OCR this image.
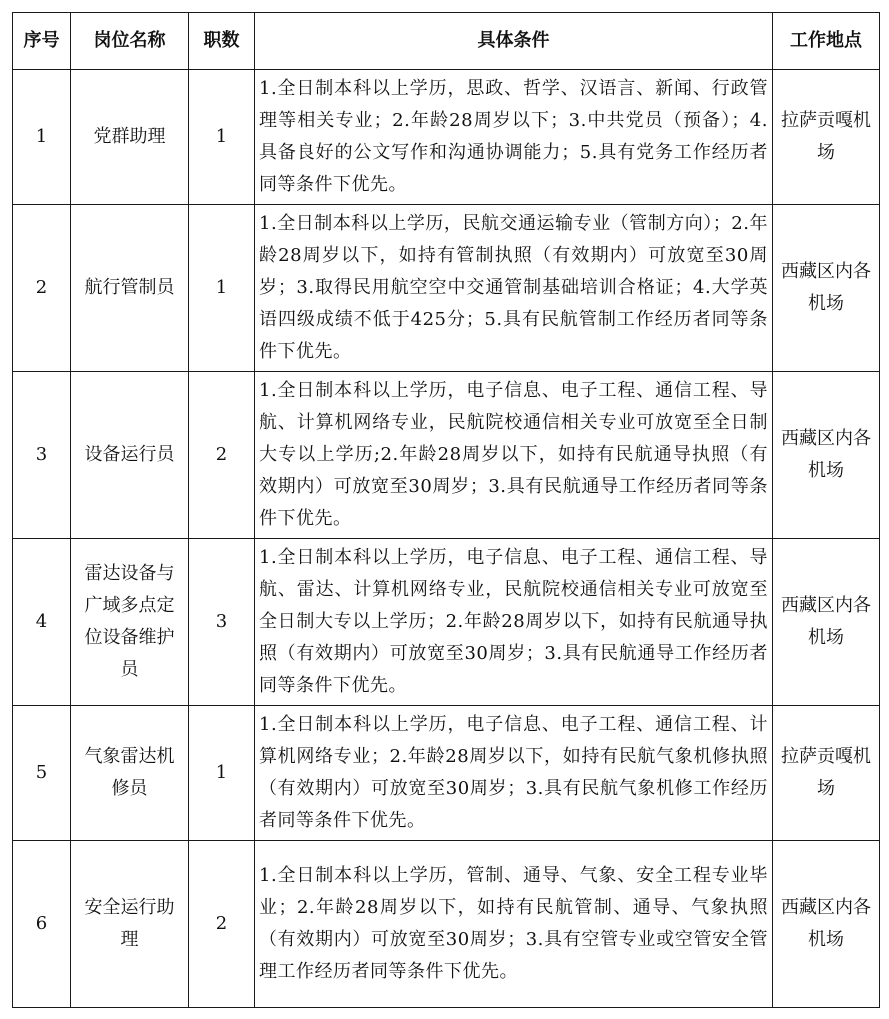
序号	岗位名称	职数	具体条件	工作地点
1	党群助理	1	1.全日制本科以上学历，思政、哲学、汉语言、新闻、行政管理等相关专业；2.年龄28周岁以下；3.中共党员（预备）；4.具备良好的公文写作和沟通协调能力；5.具有党务工作经历者同等条件下优先。	拉萨贡嘎机场
2	航行管制员	1	1.全日制本科以上学历，民航交通运输专业（管制方向）；2.年龄28周岁以下，如持有管制执照（有效期内）可放宽至30周岁；3.取得民用航空空中交通管制基础培训合格证；4.大学英语四级成绩不低于425分；5.具有民航管制工作经历者同等条件下优先。	西藏区内各机场
3	设备运行员	2	1.全日制本科以上学历，电子信息、电子工程、通信工程、导航、计算机网络专业，民航院校通信相关专业可放宽至全日制大专以上学历;2.年龄28周岁以下，如持有民航通导执照（有效期内）可放宽至30周岁；3.具有民航通导工作经历者同等条件下优先。	西藏区内各机场
4	雷达设备与广域多点定位设备维护员	3	1.全日制本科以上学历，电子信息、电子工程、通信工程、导航、雷达、计算机网络专业，民航院校通信相关专业可放宽至全日制大专以上学历；2.年龄28周岁以下，如持有民航通导执照（有效期内）可放宽至30周岁；3.具有民航通导工作经历者同等条件下优先。	西藏区内各机场
5	气象雷达机修员	1	1.全日制本科以上学历，电子信息、电子工程、通信工程、计算机网络专业；2.年龄28周岁以下，如持有民航气象机修执照（有效期内）可放宽至30周岁；3.具有民航气象机修工作经历者同等条件下优先。	拉萨贡嘎机场
6	安全运行助理	2	1.全日制本科以上学历，管制、通导、气象、安全工程专业毕业；2.年龄28周岁以下，如持有民航管制、通导、气象执照（有效期内）可放宽至30周岁；3.具有空管专业或空管安全管理工作经历者同等条件下优先。	西藏区内各机场
